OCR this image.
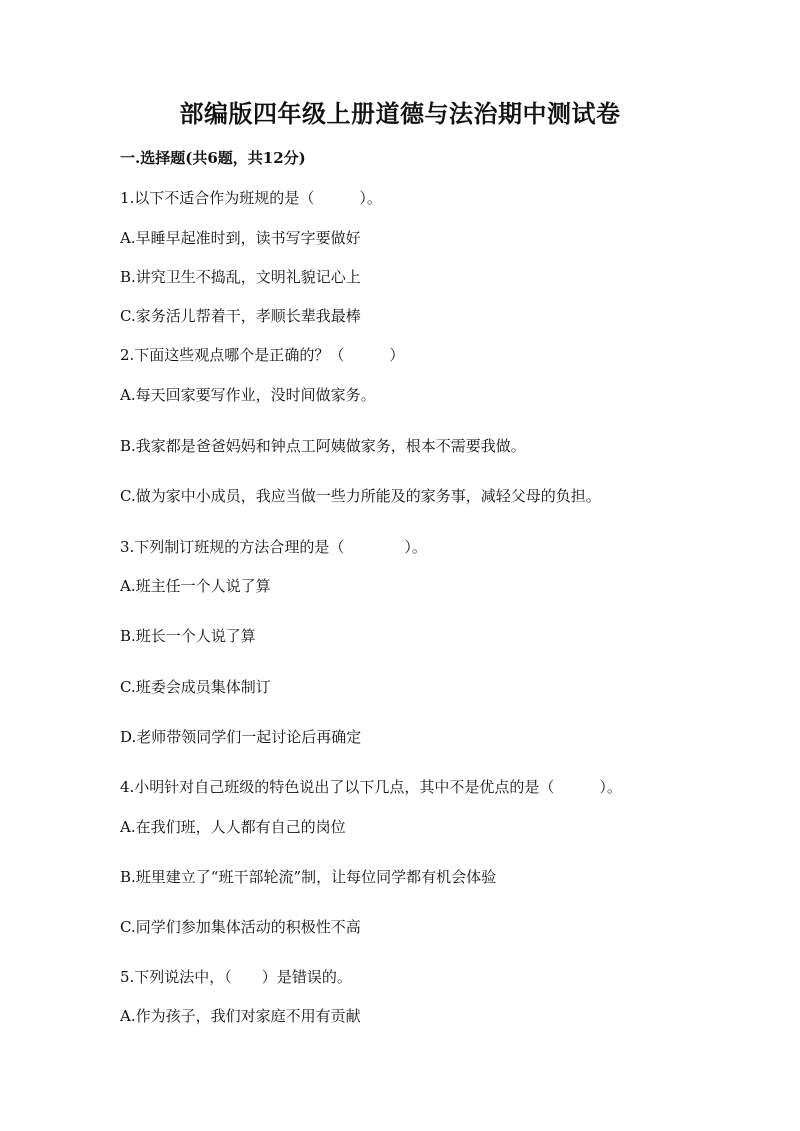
部编版四年级上册道德与法治期中测试卷

一.选择题(共6题，共12分)

1.以下不适合作为班规的是（　　　）。

A.早睡早起准时到，读书写字要做好

B.讲究卫生不捣乱，文明礼貌记心上

C.家务活儿帮着干，孝顺长辈我最棒

2.下面这些观点哪个是正确的？（　　　）

A.每天回家要写作业，没时间做家务。

B.我家都是爸爸妈妈和钟点工阿姨做家务，根本不需要我做。

C.做为家中小成员，我应当做一些力所能及的家务事，减轻父母的负担。

3.下列制订班规的方法合理的是（　　　　）。

A.班主任一个人说了算

B.班长一个人说了算

C.班委会成员集体制订

D.老师带领同学们一起讨论后再确定

4.小明针对自己班级的特色说出了以下几点，其中不是优点的是（　　　）。

A.在我们班，人人都有自己的岗位

B.班里建立了“班干部轮流”制，让每位同学都有机会体验

C.同学们参加集体活动的积极性不高

5.下列说法中，（　　）是错误的。

A.作为孩子，我们对家庭不用有贡献
